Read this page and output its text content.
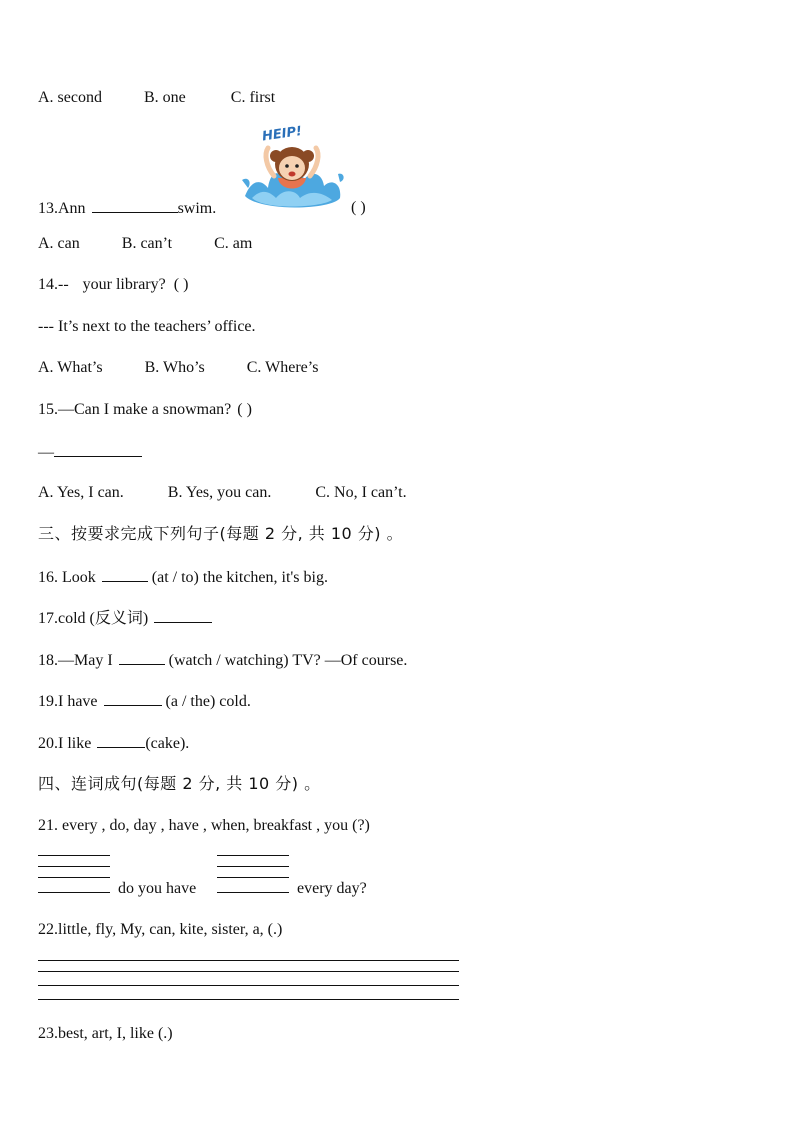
A. second	B. one	C. first
HEIP!
13.Ann	swim.	( )
A. can	B. can’t	C. am
14.-- your library? ( )
--- It’s next to the teachers’ office.
A. What’s	B. Who’s	C. Where’s
15.—Can I make a snowman? ( )
—
A. Yes, I can.	B. Yes, you can.	C. No, I can’t.
三、按要求完成下列句子(每题 2 分, 共 10 分) 。
16. Look	(at / to) the kitchen, it's big.
17.cold (反义词)
18.—May I	(watch / watching) TV? —Of course.
19.I have	(a / the) cold.
20.I like	(cake).
四、连词成句(每题 2 分, 共 10 分) 。
21. every , do, day , have , when, breakfast , you (?)
do you have	every day?
22.little, fly, My, can, kite, sister, a, (.)
23.best, art, I, like (.)
